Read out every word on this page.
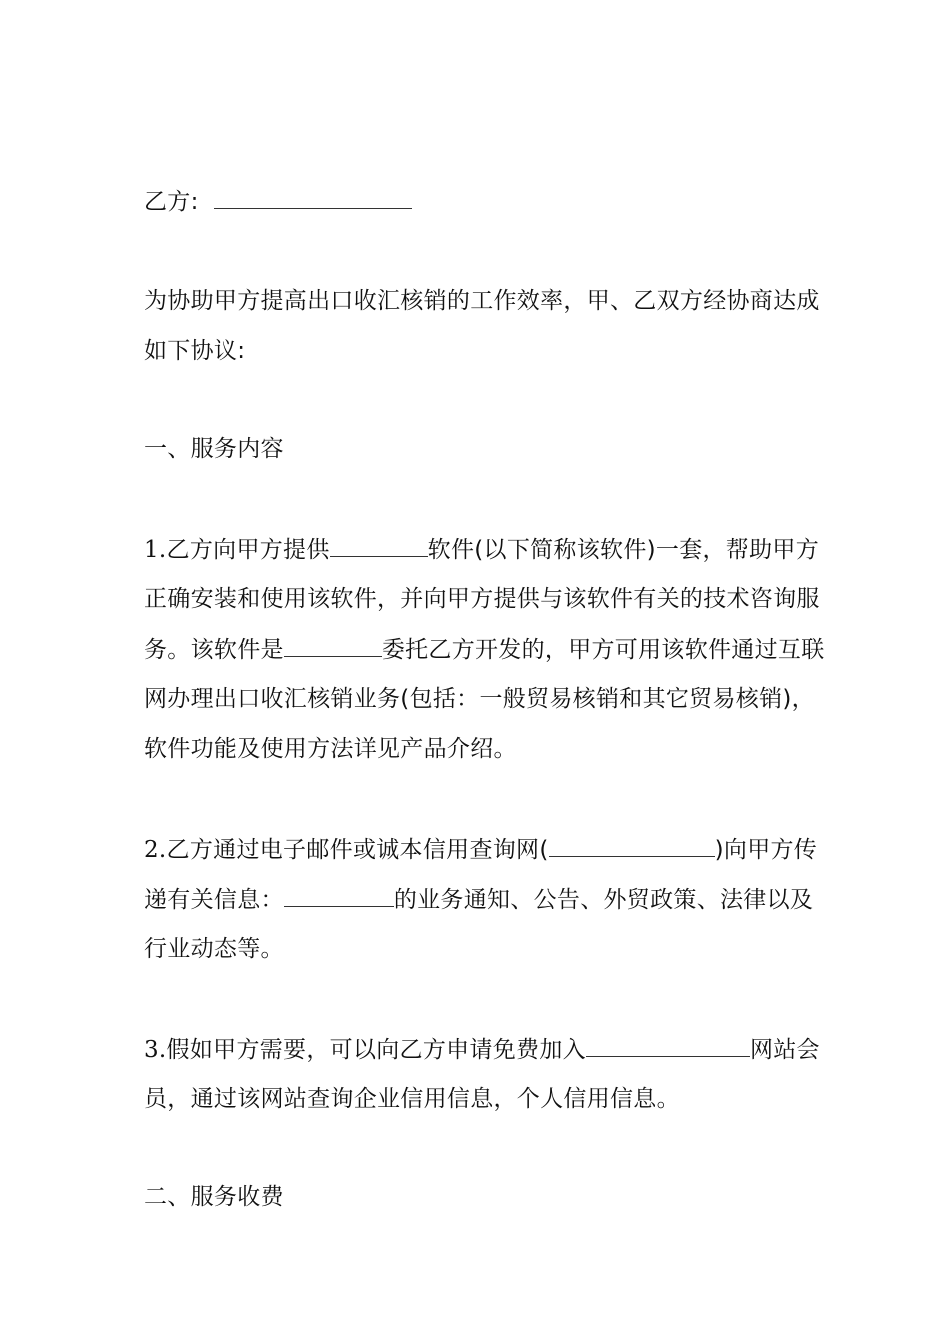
乙方:
为协助甲方提高出口收汇核销的工作效率，甲、乙双方经协商达成
如下协议:
一、服务内容
1.乙方向甲方提供	软件(以下简称该软件)一套，帮助甲方
正确安装和使用该软件，并向甲方提供与该软件有关的技术咨询服
务。该软件是	委托乙方开发的，甲方可用该软件通过互联
网办理出口收汇核销业务(包括：一般贸易核销和其它贸易核销)，
软件功能及使用方法详见产品介绍。
2.乙方通过电子邮件或诚本信用查询网(	)向甲方传
递有关信息：	的业务通知、公告、外贸政策、法律以及
行业动态等。
3.假如甲方需要，可以向乙方申请免费加入	网站会
员，通过该网站查询企业信用信息，个人信用信息。
二、服务收费
